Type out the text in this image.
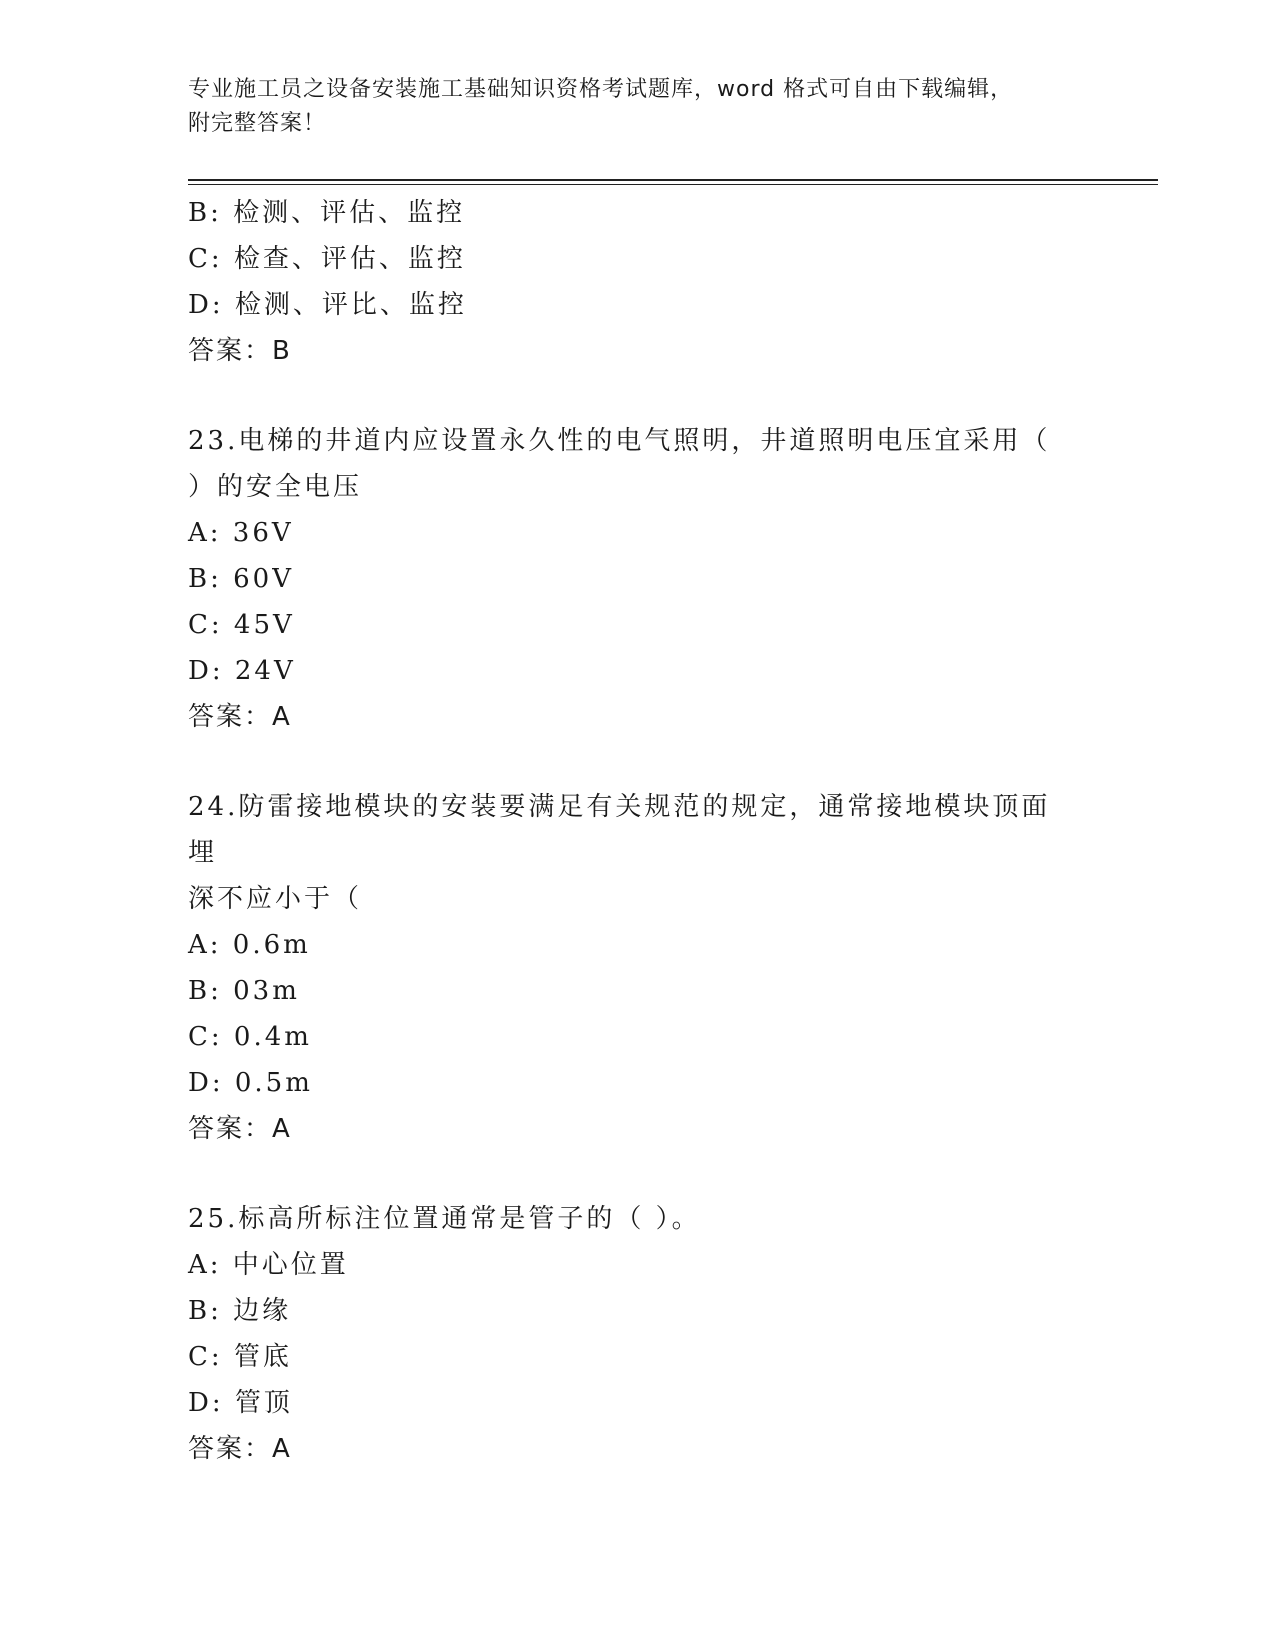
专业施工员之设备安装施工基础知识资格考试题库，word 格式可自由下载编辑，
附完整答案！
B: 检测、评估、监控
C: 检查、评估、监控
D: 检测、评比、监控
答案：B
23.电梯的井道内应设置永久性的电气照明，井道照明电压宜采用（
）的安全电压
A: 36V
B: 60V
C: 45V
D: 24V
答案：A
24.防雷接地模块的安装要满足有关规范的规定，通常接地模块顶面埋
深不应小于（
A: 0.6m
B: 03m
C: 0.4m
D: 0.5m
答案：A
25.标高所标注位置通常是管子的（ ）。
A: 中心位置
B: 边缘
C: 管底
D: 管顶
答案：A
